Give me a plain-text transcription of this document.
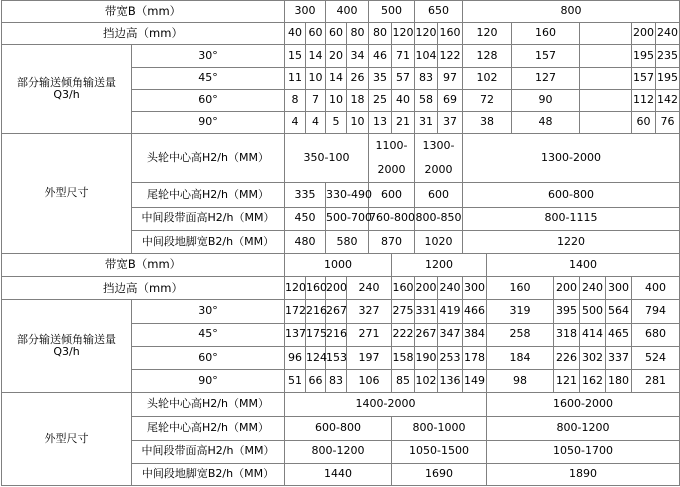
带宽B（mm）		300		400		500		650		800							
挡边高（mm）		40	60	60	80	80	120	120	160	120		160				200	240

部分输送倾角输送量
Q3/h	30°	15	14	20	34	46	71	104	122	128		157				195	235
	45°	11	10	14	26	35	57	83	97	102		127				157	195
	60°	8	7	10	18	25	40	58	69	72		90				112	142
	90°	4	4	5	10	13	21	31	37	38		48				60	76
外型尺寸	头轮中心高H2/h（MM）	350-100				1100-2000		1300-2000		1300-2000							
	尾轮中心高H2/h（MM）	335		330-490		600		600		600-800							
	中间段带面高H2/h（MM）	450		500-700		760-800		800-850		800-1115							
	中间段地脚宽B2/h（MM）	480		580		870		1020		1220							
带宽B（mm）		1000					1200				1400						
挡边高（mm）		120	160	200	240		160	200	240	300	160		200	240	300	400	

部分输送倾角输送量
Q3/h	30°	172	216	267	327		275	331	419	466	319		395	500	564	794	
	45°	137	175	216	271		222	267	347	384	258		318	414	465	680	
	60°	96	124	153	197		158	190	253	178	184		226	302	337	524	
	90°	51	66	83	106		85	102	136	149	98		121	162	180	281	
外型尺寸	头轮中心高H2/h（MM）	1400-2000									1600-2000						
	尾轮中心高H2/h（MM）	600-800					800-1000				800-1200						
	中间段带面高H2/h（MM）	800-1200					1050-1500				1050-1700						
	中间段地脚宽B2/h（MM）	1440					1690				1890						
